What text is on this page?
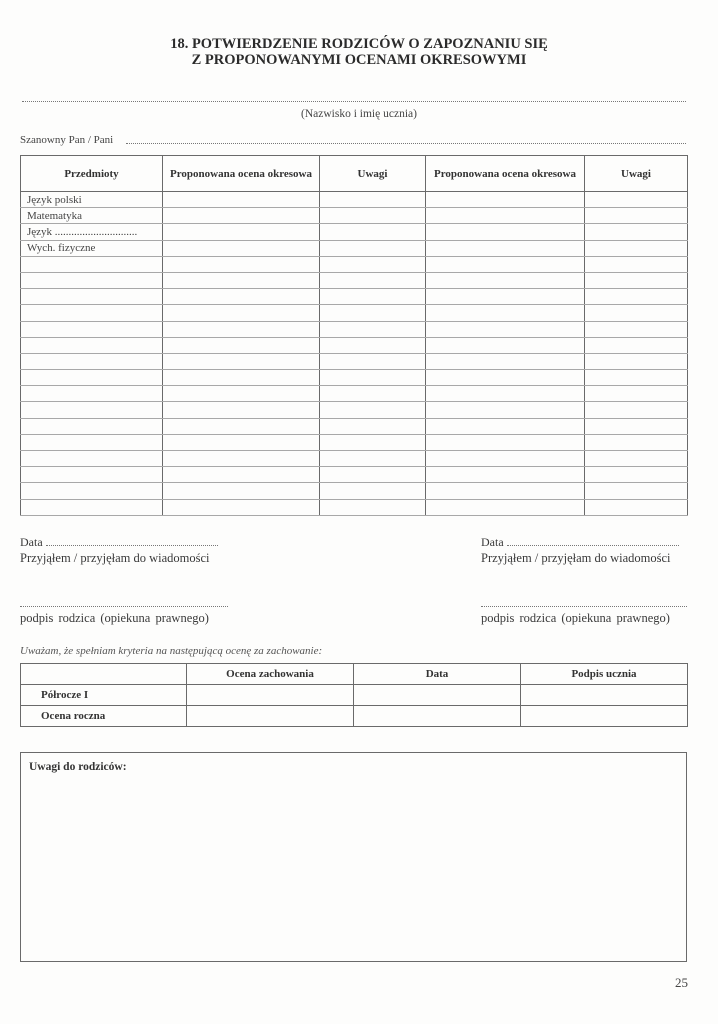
18. POTWIERDZENIE RODZICÓW O ZAPOZNANIU SIĘ
Z PROPONOWANYMI OCENAMI OKRESOWYMI
(Nazwisko i imię ucznia)
Szanowny Pan / Pani
Przedmioty	Proponowana ocena okresowa	Uwagi	Proponowana ocena okresowa	Uwagi
Język polski				
Matematyka				
Język ..............................				
Wych. fizyczne				

Data
Przyjąłem / przyjęłam do wiadomości
podpis rodzica (opiekuna prawnego)
Data
Przyjąłem / przyjęłam do wiadomości
podpis rodzica (opiekuna prawnego)
Uważam, że spełniam kryteria na następującą ocenę za zachowanie:
	Ocena zachowania	Data	Podpis ucznia
Półrocze I			
Ocena roczna			
Uwagi do rodziców:
25
